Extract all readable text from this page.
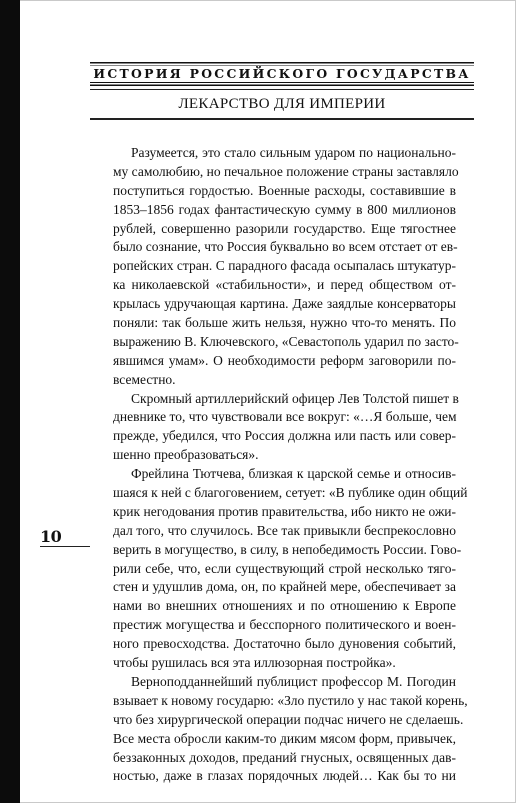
ИСТОРИЯ РОССИЙСКОГО ГОСУДАРСТВА
ЛЕКАРСТВО ДЛЯ ИМПЕРИИ
10
Разумеется, это стало сильным ударом по национально-
му самолюбию, но печальное положение страны заставляло
поступиться гордостью. Военные расходы, составившие в
1853–1856 годах фантастическую сумму в 800 миллионов
рублей, совершенно разорили государство. Еще тягостнее
было сознание, что Россия буквально во всем отстает от ев-
ропейских стран. С парадного фасада осыпалась штукатур-
ка николаевской «стабильности», и перед обществом от-
крылась удручающая картина. Даже заядлые консерваторы
поняли: так больше жить нельзя, нужно что-то менять. По
выражению В. Ключевского, «Севастополь ударил по засто-
явшимся умам». О необходимости реформ заговорили по-
всеместно.
Скромный артиллерийский офицер Лев Толстой пишет в
дневнике то, что чувствовали все вокруг: «…Я больше, чем
прежде, убедился, что Россия должна или пасть или совер-
шенно преобразоваться».
Фрейлина Тютчева, близкая к царской семье и относив-
шаяся к ней с благоговением, сетует: «В публике один общий
крик негодования против правительства, ибо никто не ожи-
дал того, что случилось. Все так привыкли беспрекословно
верить в могущество, в силу, в непобедимость России. Гово-
рили себе, что, если существующий строй несколько тяго-
стен и удушлив дома, он, по крайней мере, обеспечивает за
нами во внешних отношениях и по отношению к Европе
престиж могущества и бесспорного политического и воен-
ного превосходства. Достаточно было дуновения событий,
чтобы рушилась вся эта иллюзорная постройка».
Верноподданнейший публицист профессор М. Погодин
взывает к новому государю: «Зло пустило у нас такой корень,
что без хирургической операции подчас ничего не сделаешь.
Все места обросли каким-то диким мясом форм, привычек,
беззаконных доходов, преданий гнусных, освященных дав-
ностью, даже в глазах порядочных людей… Как бы то ни
